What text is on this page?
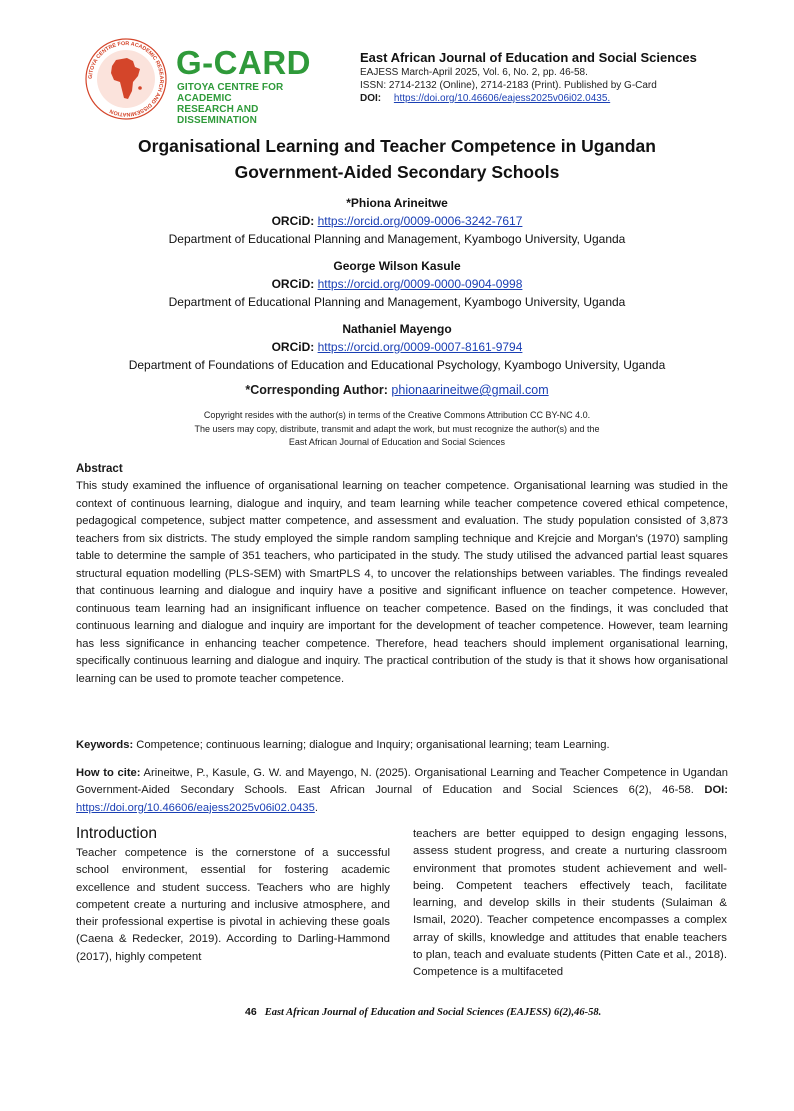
GITOYA CENTRE FOR ACADEMIC RESEARCH AND DISSEMINATION
G-CARD
GITOYA CENTRE FOR ACADEMIC
RESEARCH AND DISSEMINATION
East African Journal of Education and Social Sciences
EAJESS March-April 2025, Vol. 6, No. 2, pp. 46-58.
ISSN: 2714-2132 (Online), 2714-2183 (Print). Published by G-Card
DOI: https://doi.org/10.46606/eajess2025v06i02.0435.
Organisational Learning and Teacher Competence in Ugandan
Government-Aided Secondary Schools
*Phiona Arineitwe
ORCiD: https://orcid.org/0009-0006-3242-7617
Department of Educational Planning and Management, Kyambogo University, Uganda
George Wilson Kasule
ORCiD: https://orcid.org/0009-0000-0904-0998
Department of Educational Planning and Management, Kyambogo University, Uganda
Nathaniel Mayengo
ORCiD: https://orcid.org/0009-0007-8161-9794
Department of Foundations of Education and Educational Psychology, Kyambogo University, Uganda
*Corresponding Author: phionaarineitwe@gmail.com
Copyright resides with the author(s) in terms of the Creative Commons Attribution CC BY-NC 4.0.
The users may copy, distribute, transmit and adapt the work, but must recognize the author(s) and the
East African Journal of Education and Social Sciences
Abstract
This study examined the influence of organisational learning on teacher competence. Organisational learning was studied in the context of continuous learning, dialogue and inquiry, and team learning while teacher competence covered ethical competence, pedagogical competence, subject matter competence, and assessment and evaluation. The study population consisted of 3,873 teachers from six districts. The study employed the simple random sampling technique and Krejcie and Morgan's (1970) sampling table to determine the sample of 351 teachers, who participated in the study. The study utilised the advanced partial least squares structural equation modelling (PLS-SEM) with SmartPLS 4, to uncover the relationships between variables. The findings revealed that continuous learning and dialogue and inquiry have a positive and significant influence on teacher competence. However, continuous team learning had an insignificant influence on teacher competence. Based on the findings, it was concluded that continuous learning and dialogue and inquiry are important for the development of teacher competence. However, team learning has less significance in enhancing teacher competence. Therefore, head teachers should implement organisational learning, specifically continuous learning and dialogue and inquiry. The practical contribution of the study is that it shows how organisational learning can be used to promote teacher competence.
Keywords: Competence; continuous learning; dialogue and Inquiry; organisational learning; team Learning.
How to cite: Arineitwe, P., Kasule, G. W. and Mayengo, N. (2025). Organisational Learning and Teacher Competence in Ugandan Government-Aided Secondary Schools. East African Journal of Education and Social Sciences 6(2), 46-58. DOI: https://doi.org/10.46606/eajess2025v06i02.0435.
Introduction
Teacher competence is the cornerstone of a successful school environment, essential for fostering academic excellence and student success. Teachers who are highly competent create a nurturing and inclusive atmosphere, and their professional expertise is pivotal in achieving these goals (Caena & Redecker, 2019). According to Darling-Hammond (2017), highly competent
teachers are better equipped to design engaging lessons, assess student progress, and create a nurturing classroom environment that promotes student achievement and well-being. Competent teachers effectively teach, facilitate learning, and develop skills in their students (Sulaiman & Ismail, 2020). Teacher competence encompasses a complex array of skills, knowledge and attitudes that enable teachers to plan, teach and evaluate students (Pitten Cate et al., 2018). Competence is a multifaceted
46 East African Journal of Education and Social Sciences (EAJESS) 6(2),46-58.
